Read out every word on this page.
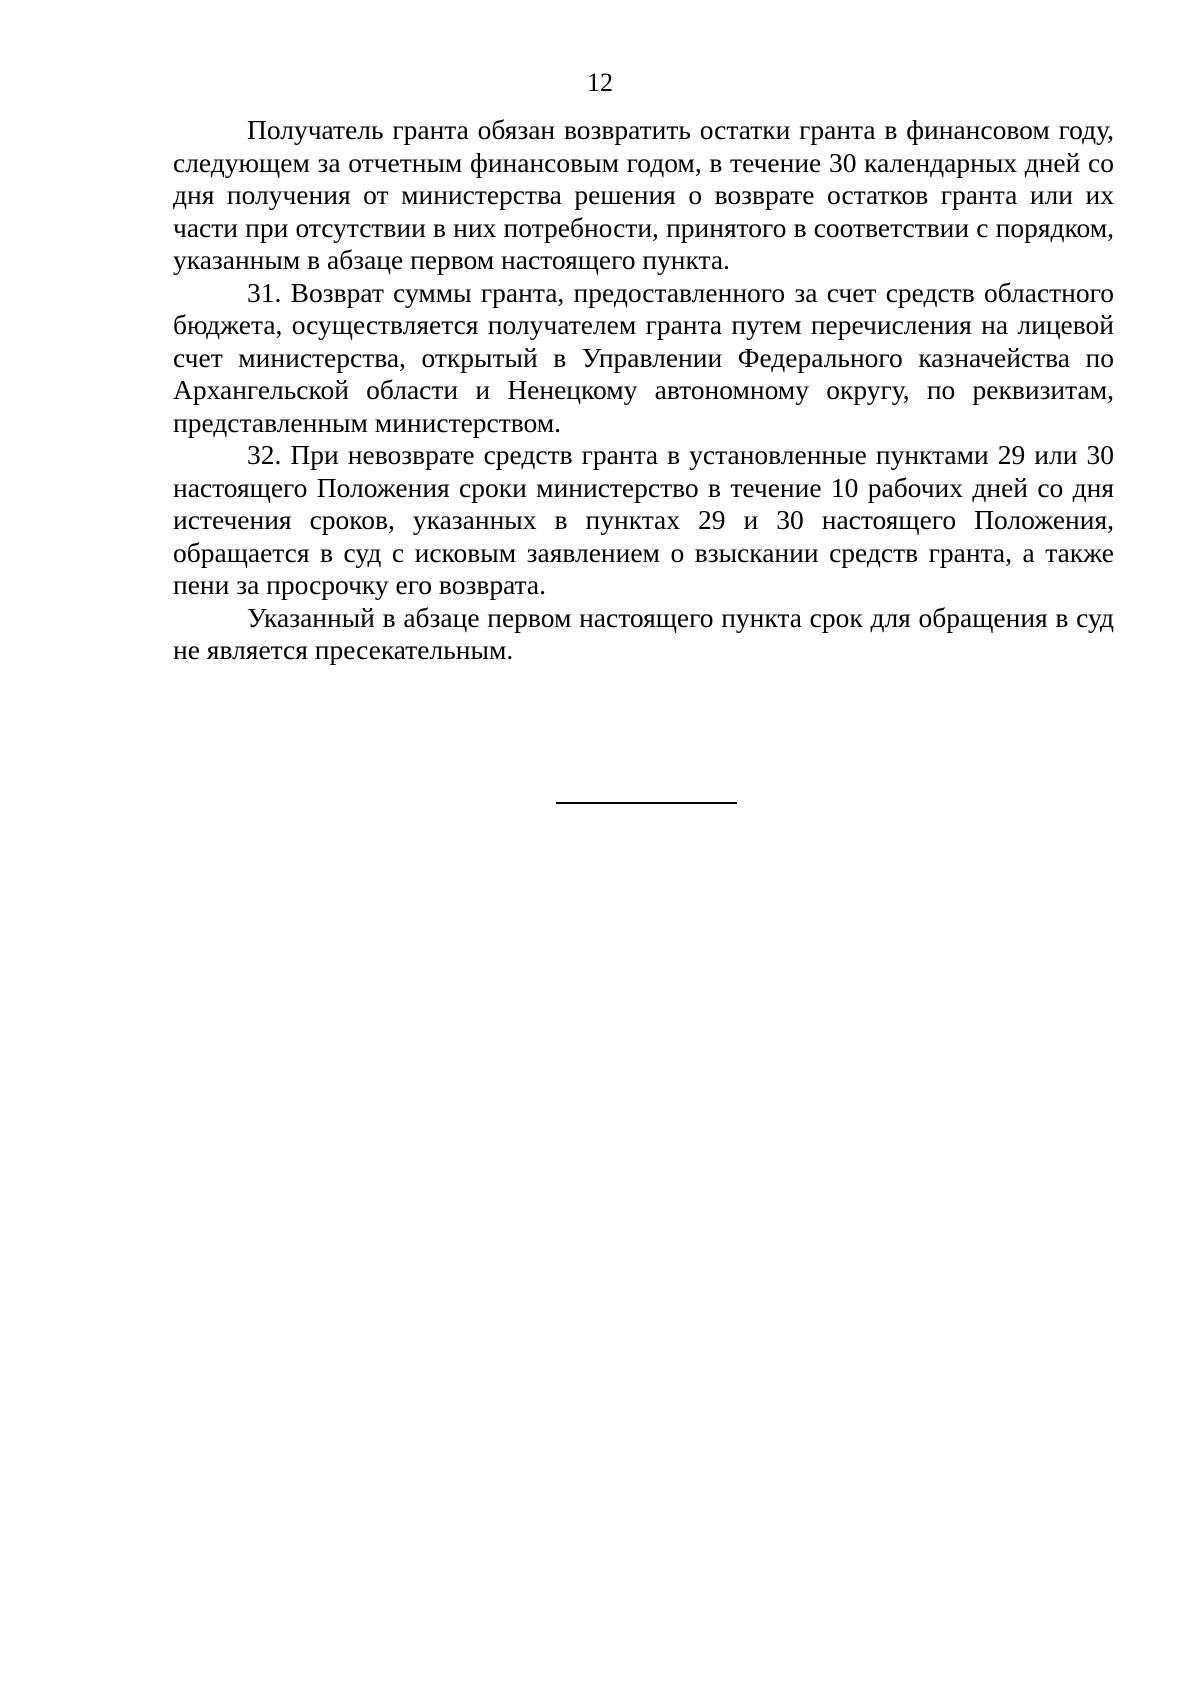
12

Получатель гранта обязан возвратить остатки гранта в финансовом году, следующем за отчетным финансовым годом, в течение 30 календарных дней со дня получения от министерства решения о возврате остатков гранта или их части при отсутствии в них потребности, принятого в соответствии с порядком, указанным в абзаце первом настоящего пункта.

31. Возврат суммы гранта, предоставленного за счет средств областного бюджета, осуществляется получателем гранта путем перечисления на лицевой счет министерства, открытый в Управлении Федерального казначейства по Архангельской области и Ненецкому автономному округу, по реквизитам, представленным министерством.

32. При невозврате средств гранта в установленные пунктами 29 или 30 настоящего Положения сроки министерство в течение 10 рабочих дней со дня истечения сроков, указанных в пунктах 29 и 30 настоящего Положения, обращается в суд с исковым заявлением о взыскании средств гранта, а также пени за просрочку его возврата.

Указанный в абзаце первом настоящего пункта срок для обращения в суд не является пресекательным.
